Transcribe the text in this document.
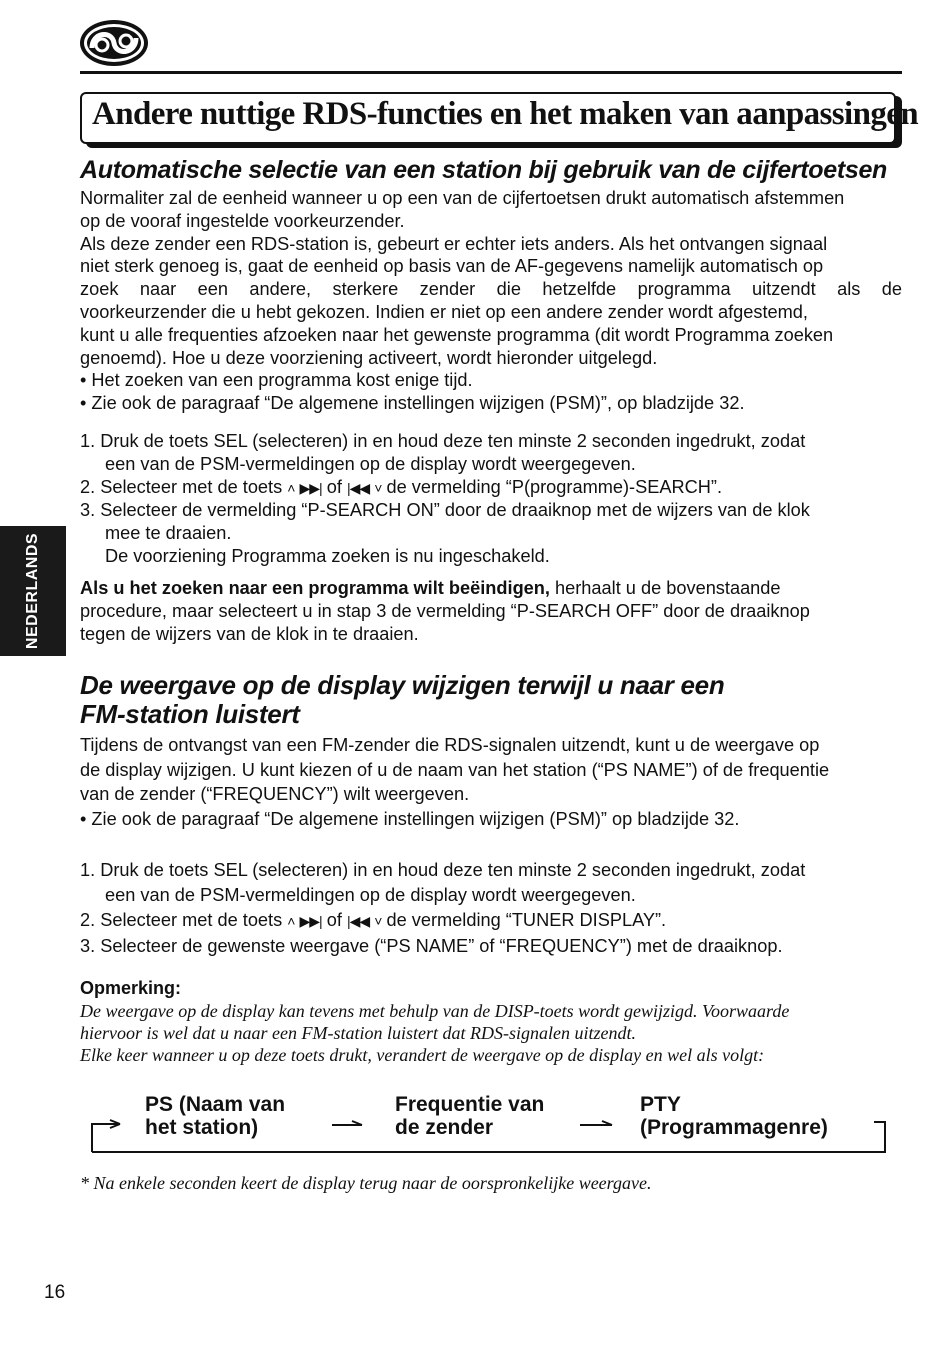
Andere nuttige RDS-functies en het maken van aanpassingen
NEDERLANDS
Automatische selectie van een station bij gebruik van de cijfertoetsen

Normaliter zal de eenheid wanneer u op een van de cijfertoetsen drukt automatisch afstemmen

op de vooraf ingestelde voorkeurzender.

Als deze zender een RDS-station is, gebeurt er echter iets anders. Als het ontvangen signaal

niet sterk genoeg is, gaat de eenheid op basis van de AF-gegevens namelijk automatisch op

zoek naar een andere, sterkere zender die hetzelfde programma uitzendt als de

voorkeurzender die u hebt gekozen. Indien er niet op een andere zender wordt afgestemd,

kunt u alle frequenties afzoeken naar het gewenste programma (dit wordt Programma zoeken

genoemd). Hoe u deze voorziening activeert, wordt hieronder uitgelegd.

• Het zoeken van een programma kost enige tijd.

• Zie ook de paragraaf “De algemene instellingen wijzigen (PSM)”, op bladzijde 32.

1. Druk de toets SEL (selecteren) in en houd deze ten minste 2 seconden ingedrukt, zodat

een van de PSM-vermeldingen op de display wordt weergegeven.

2. Selecteer met de toets ˄ ▶▶| of |◀◀ ˅ de vermelding “P(programme)-SEARCH”.

3. Selecteer de vermelding “P-SEARCH ON” door de draaiknop met de wijzers van de klok

mee te draaien.

De voorziening Programma zoeken is nu ingeschakeld.

Als u het zoeken naar een programma wilt beëindigen, herhaalt u de bovenstaande

procedure, maar selecteert u in stap 3 de vermelding “P-SEARCH OFF” door de draaiknop

tegen de wijzers van de klok in te draaien.

De weergave op de display wijzigen terwijl u naar een
FM-station luistert

Tijdens de ontvangst van een FM-zender die RDS-signalen uitzendt, kunt u de weergave op

de display wijzigen. U kunt kiezen of u de naam van het station (“PS NAME”) of de frequentie

van de zender (“FREQUENCY”) wilt weergeven.

• Zie ook de paragraaf “De algemene instellingen wijzigen (PSM)” op bladzijde 32.

1. Druk de toets SEL (selecteren) in en houd deze ten minste 2 seconden ingedrukt, zodat

een van de PSM-vermeldingen op de display wordt weergegeven.

2. Selecteer met de toets ˄ ▶▶| of |◀◀ ˅ de vermelding “TUNER DISPLAY”.

3. Selecteer de gewenste weergave (“PS NAME” of “FREQUENCY”) met de draaiknop.

Opmerking:
De weergave op de display kan tevens met behulp van de DISP-toets wordt gewijzigd. Voorwaarde
hiervoor is wel dat u naar een FM-station luistert dat RDS-signalen uitzendt.
Elke keer wanneer u op deze toets drukt, verandert de weergave op de display en wel als volgt:
PS (Naam van
het station)
Frequentie van
de zender
PTY
(Programmagenre)
* Na enkele seconden keert de display terug naar de oorspronkelijke weergave.
16
